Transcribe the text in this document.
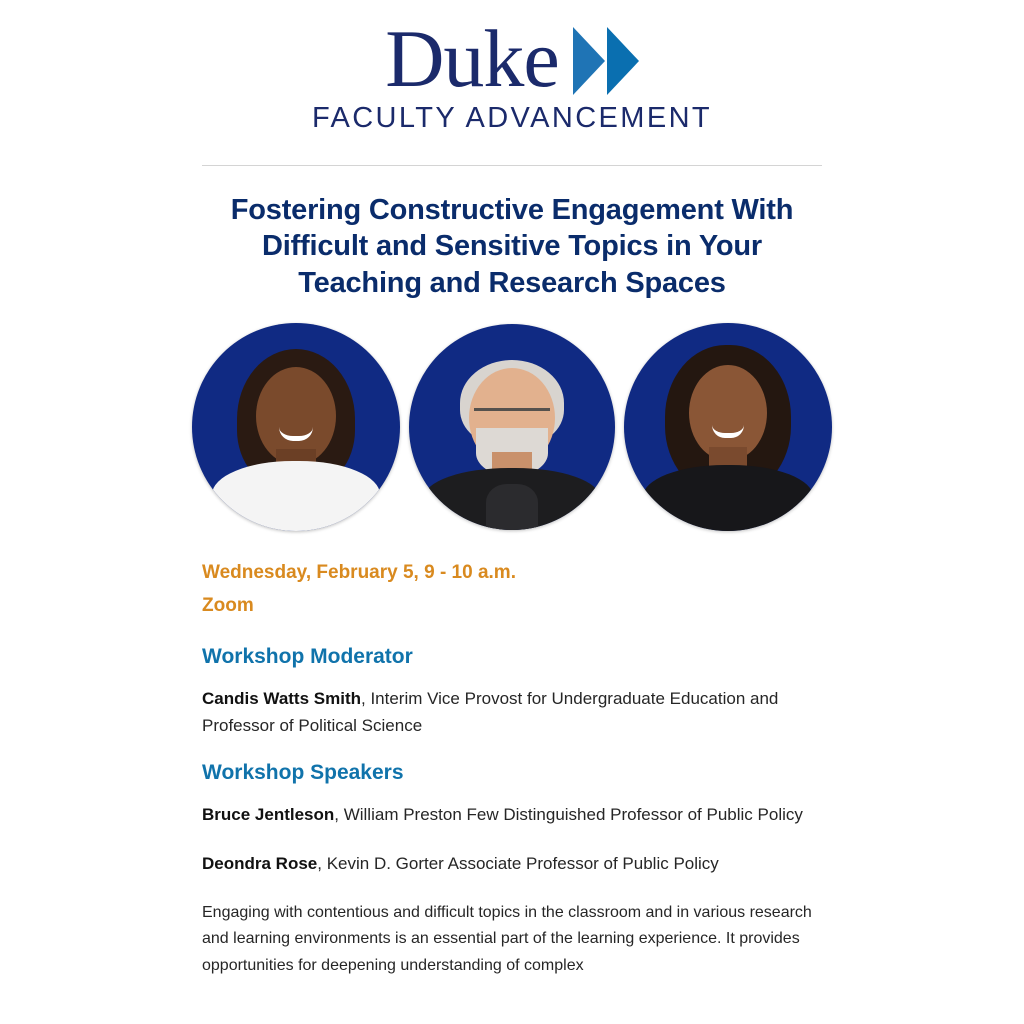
Duke
FACULTY ADVANCEMENT
Fostering Constructive Engagement With Difficult and Sensitive Topics in Your Teaching and Research Spaces
Wednesday, February 5, 9 - 10 a.m.
Zoom
Workshop Moderator

Candis Watts Smith, Interim Vice Provost for Undergraduate Education and Professor of Political Science

Workshop Speakers

Bruce Jentleson, William Preston Few Distinguished Professor of Public Policy

Deondra Rose, Kevin D. Gorter Associate Professor of Public Policy

Engaging with contentious and difficult topics in the classroom and in various research and learning environments is an essential part of the learning experience. It provides opportunities for deepening understanding of complex
